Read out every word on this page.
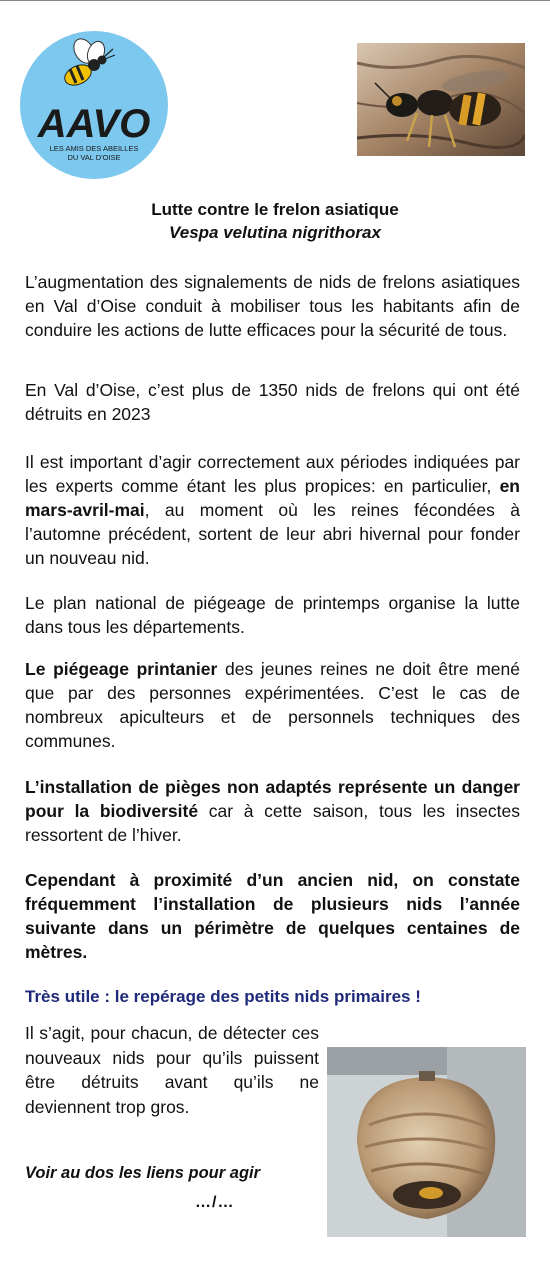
AAVO
LES AMIS DES ABEILLES
DU VAL D'OISE
Lutte contre le frelon asiatique
Vespa velutina nigrithorax
L’augmentation des signalements de nids de frelons asiatiques en Val d’Oise conduit à mobiliser tous les habitants afin de conduire les actions de lutte efficaces pour la sécurité de tous.
En Val d’Oise, c’est plus de 1350 nids de frelons qui ont été détruits en 2023
Il est important d’agir correctement aux périodes indiquées par les experts comme étant les plus propices: en particulier, en mars-avril-mai, au moment où les reines fécondées à l’automne précédent, sortent de leur abri hivernal pour fonder un nouveau nid.
Le plan national de piégeage de printemps organise la lutte dans tous les départements.
Le piégeage printanier des jeunes reines ne doit être mené que par des personnes expérimentées. C’est le cas de nombreux apiculteurs et de personnels techniques des communes.
L’installation de pièges non adaptés représente un danger pour la biodiversité car à cette saison, tous les insectes ressortent de l’hiver.
Cependant à proximité d’un ancien nid, on constate fréquemment l’installation de plusieurs nids l’année suivante dans un périmètre de quelques centaines de mètres.
Très utile : le repérage des petits nids primaires !
Il s’agit, pour chacun, de détecter ces nouveaux nids pour qu’ils puissent être détruits avant qu’ils ne deviennent trop gros.
Voir au dos les liens pour agir
…/…
